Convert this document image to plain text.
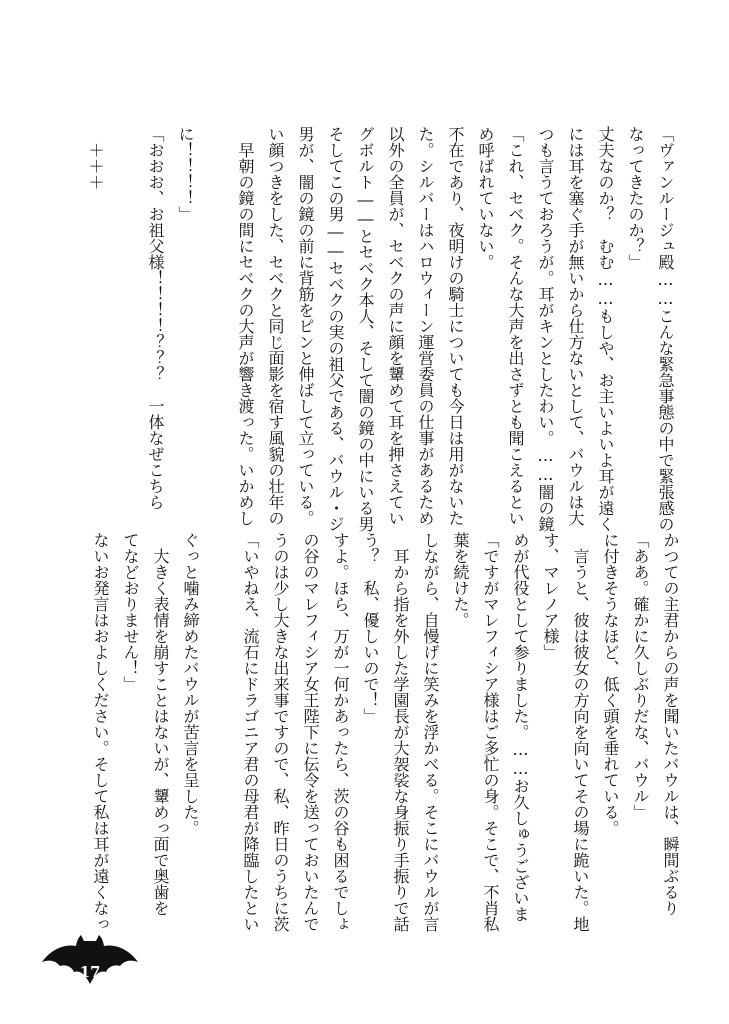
「ヴァンルージュ殿……こんな緊急事態の中で緊張感の
なってきたのか？」
丈夫なのか？　むむ……もしや、お主いよいよ耳が遠く
には耳を塞ぐ手が無いから仕方ないとして、バウルは大
つも言うておろうが。耳がキンとしたわい。……闇の鏡
「これ、セベク。そんな大声を出さずとも聞こえるとい
め呼ばれていない。
不在であり、夜明けの騎士についても今日は用がないた
た。シルバーはハロウィーン運営委員の仕事があるため
以外の全員が、セベクの声に顔を顰めて耳を押さえてい
グボルト――とセベク本人、そして闇の鏡の中にいる男
そしてこの男――セベクの実の祖父である、バウル・ジ
男が、闇の鏡の前に背筋をピンと伸ばして立っている。
い顔つきをした、セベクと同じ面影を宿す風貌の壮年の
　早朝の鏡の間にセベクの大声が響き渡った。いかめし

に！！！！」
「おおお、お祖父様！！！！？？？　一体なぜこちら

　＋＋＋
かつての主君からの声を聞いたバウルは、瞬間ぶるり
「ああ。確かに久しぶりだな、バウル」
に付きそうなほど、低く頭を垂れている。
　言うと、彼は彼女の方向を向いてその場に跪いた。地
す、マレノア様」
めが代役として参りました。……お久しゅうございま
「ですがマレフィシア様はご多忙の身。そこで、不肖私
葉を続けた。
しながら、自慢げに笑みを浮かべる。そこにバウルが言
　耳から指を外した学園長が大袈裟な身振り手振りで話
う？　私、優しいので！」
すよ。ほら、万が一何かあったら、茨の谷も困るでしょ
の谷のマレフィシア女王陛下に伝令を送っておいたんで
うのは少し大きな出来事ですので、私、昨日のうちに茨
「いやねえ、流石にドラゴニア君の母君が降臨したとい

ぐっと噛み締めたバウルが苦言を呈した。
　大きく表情を崩すことはないが、顰めっ面で奥歯を
てなどおりません！」
ないお発言はおよしください。そして私は耳が遠くなっ
17
